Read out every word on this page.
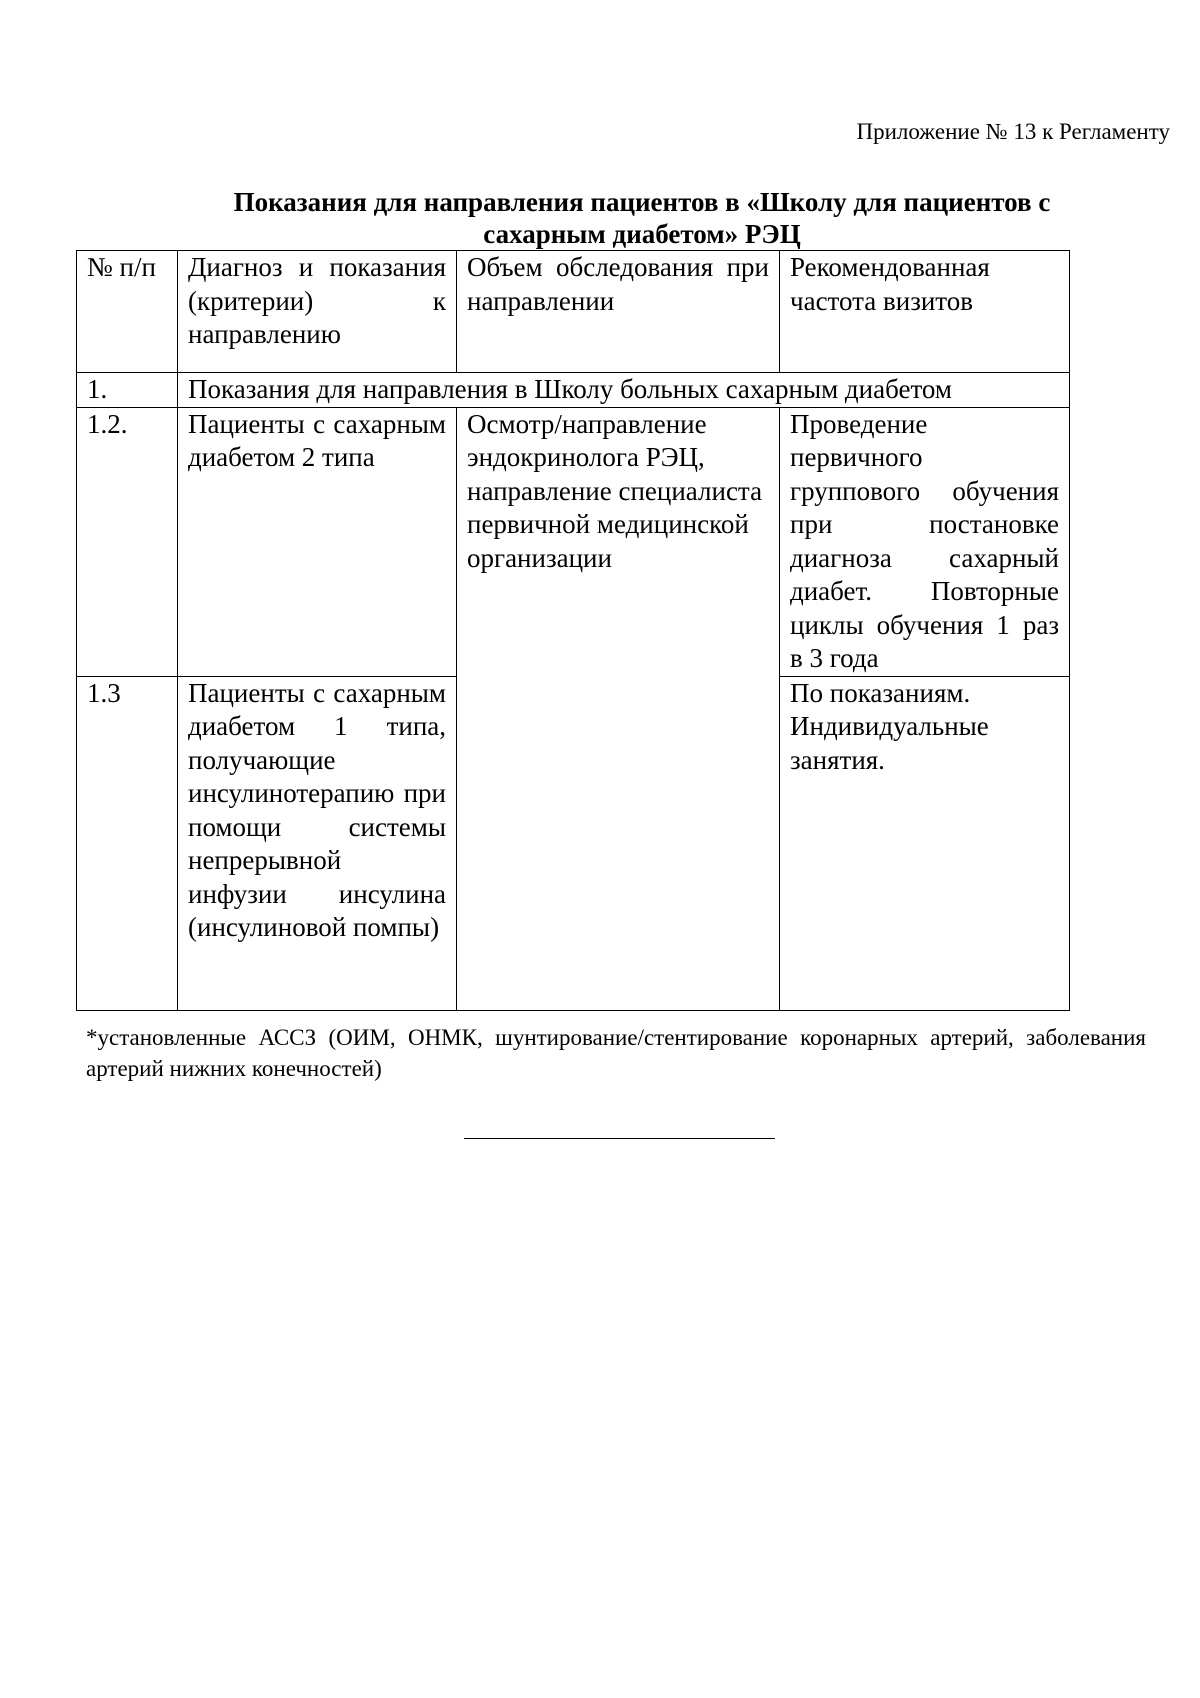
Приложение № 13 к Регламенту
Показания для направления пациентов в «Школу для пациентов с сахарным диабетом» РЭЦ
№ п/п	Диагноз и показания (критерии) к направлению	Объем обследования при направлении	Рекомендованная частота визитов
1.	Показания для направления в Школу больных сахарным диабетом		
1.2.	Пациенты с сахарным диабетом 2 типа	Осмотр/направление эндокринолога РЭЦ, направление специалиста первичной медицинской организации	Проведение первичного группового обучения при постановке диагноза сахарный диабет. Повторные циклы обучения 1 раз в 3 года
1.3	Пациенты с сахарным диабетом 1 типа, получающие инсулинотерапию при помощи системы непрерывной инфузии инсулина (инсулиновой помпы)		По показаниям. Индивидуальные занятия.
*установленные АССЗ (ОИМ, ОНМК, шунтирование/стентирование коронарных артерий, заболевания артерий нижних конечностей)
